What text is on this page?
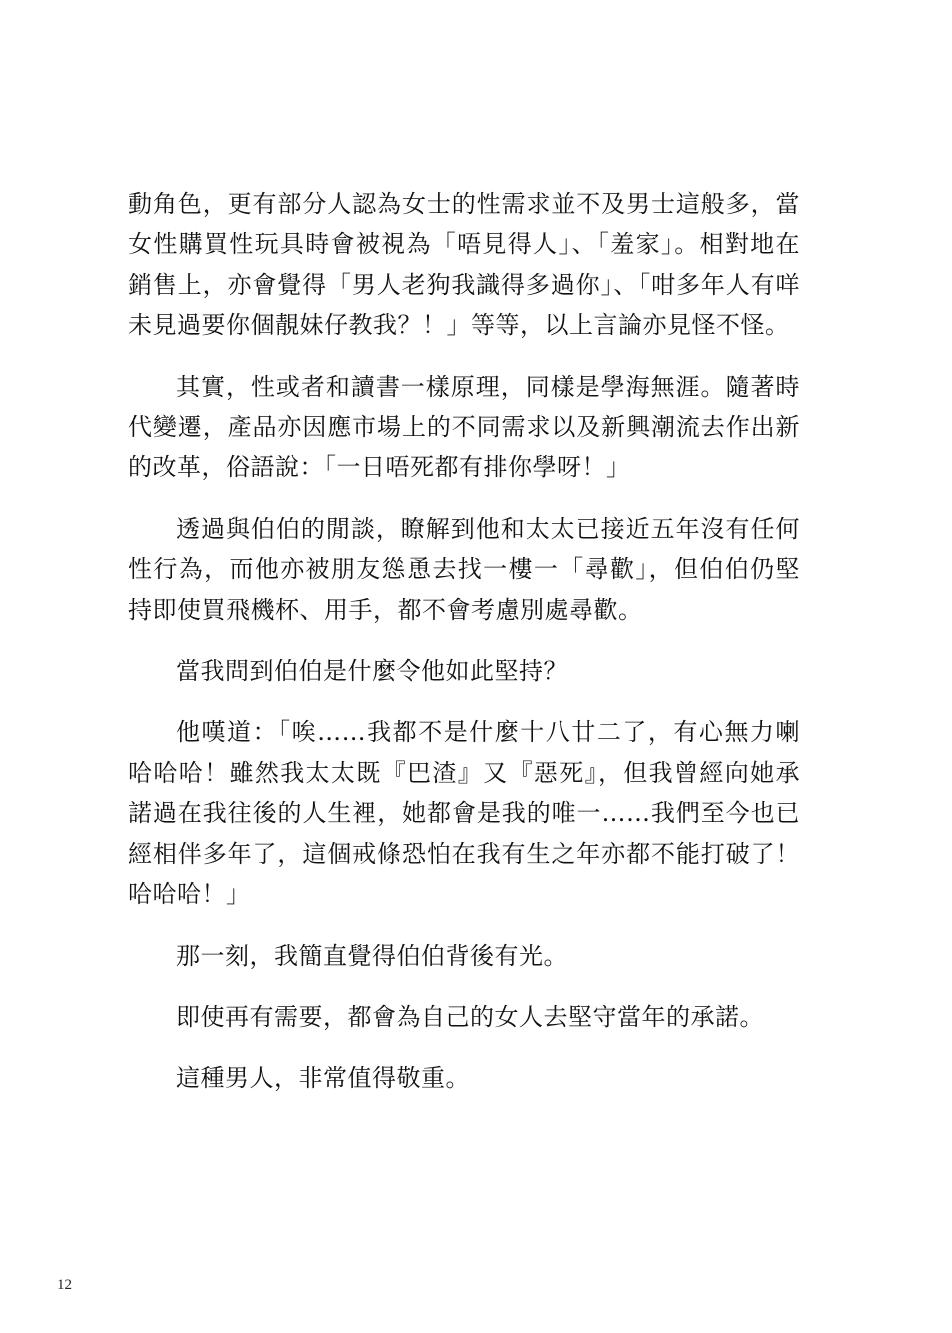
動角色，更有部分人認為女士的性需求並不及男士這般多，當女性購買性玩具時會被視為「唔見得人」、「羞家」。相對地在銷售上，亦會覺得「男人老狗我識得多過你」、「咁多年人有咩未見過要你個靚妹仔教我？！」等等，以上言論亦見怪不怪。

其實，性或者和讀書一樣原理，同樣是學海無涯。隨著時代變遷，產品亦因應市場上的不同需求以及新興潮流去作出新的改革，俗語說：「一日唔死都有排你學呀！」

透過與伯伯的閒談，瞭解到他和太太已接近五年沒有任何性行為，而他亦被朋友慫恿去找一樓一「尋歡」，但伯伯仍堅持即使買飛機杯、用手，都不會考慮別處尋歡。

當我問到伯伯是什麼令他如此堅持？

他嘆道：「唉……我都不是什麼十八廿二了，有心無力喇哈哈哈！雖然我太太既『巴渣』又『惡死』，但我曾經向她承諾過在我往後的人生裡，她都會是我的唯一……我們至今也已經相伴多年了，這個戒條恐怕在我有生之年亦都不能打破了！哈哈哈！」

那一刻，我簡直覺得伯伯背後有光。

即使再有需要，都會為自己的女人去堅守當年的承諾。

這種男人，非常值得敬重。

12
